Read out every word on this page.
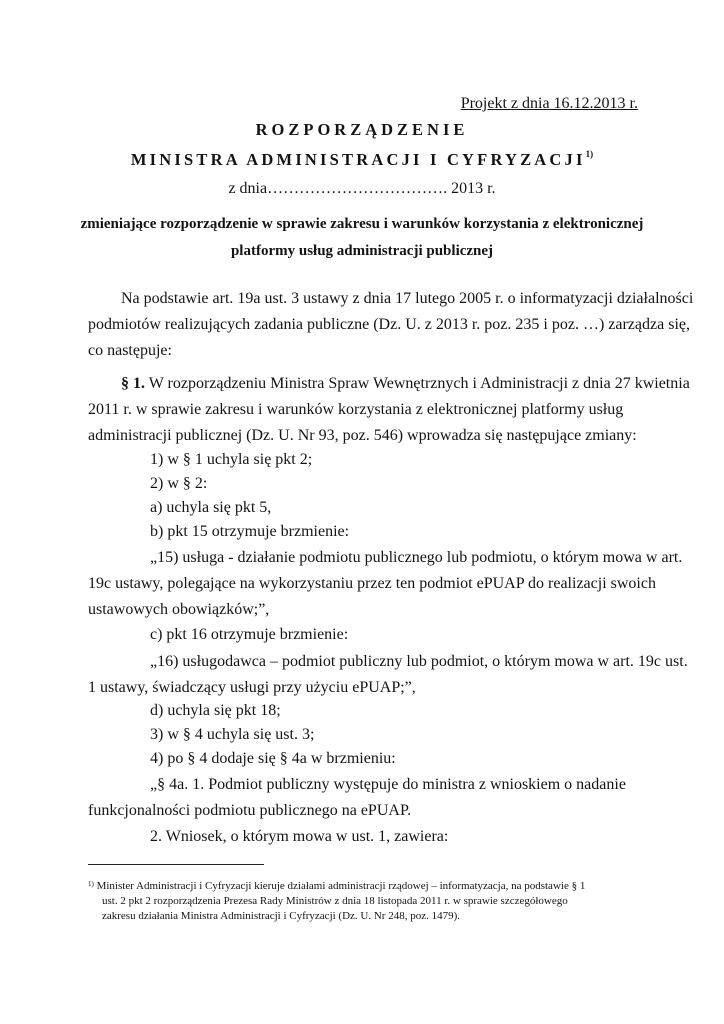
Projekt z dnia 16.12.2013 r.
ROZPORZĄDZENIE
MINISTRA ADMINISTRACJI I CYFRYZACJI$^{1)}$
z dnia……………………………. 2013 r.
zmieniające rozporządzenie w sprawie zakresu i warunków korzystania z elektronicznej
platformy usług administracji publicznej
Na podstawie art. 19a ust. 3 ustawy z dnia 17 lutego 2005 r. o informatyzacji działalności
podmiotów realizujących zadania publiczne (Dz. U. z 2013 r. poz. 235 i poz. …) zarządza się,
co następuje:
§ 1. W rozporządzeniu Ministra Spraw Wewnętrznych i Administracji z dnia 27 kwietnia
2011 r. w sprawie zakresu i warunków korzystania z elektronicznej platformy usług
administracji publicznej (Dz. U. Nr 93, poz. 546) wprowadza się następujące zmiany:
1) w § 1 uchyla się pkt 2;
2) w § 2:
a) uchyla się pkt 5,
b) pkt 15 otrzymuje brzmienie:
„15) usługa - działanie podmiotu publicznego lub podmiotu, o którym mowa w art.
19c ustawy, polegające na wykorzystaniu przez ten podmiot ePUAP do realizacji swoich
ustawowych obowiązków;”,
c) pkt 16 otrzymuje brzmienie:
„16) usługodawca – podmiot publiczny lub podmiot, o którym mowa w art. 19c ust.
1 ustawy, świadczący usługi przy użyciu ePUAP;”,
d) uchyla się pkt 18;
3) w § 4 uchyla się ust. 3;
4) po § 4 dodaje się § 4a w brzmieniu:
„§ 4a. 1. Podmiot publiczny występuje do ministra z wnioskiem o nadanie
funkcjonalności podmiotu publicznego na ePUAP.
2. Wniosek, o którym mowa w ust. 1, zawiera:
$^{1)}$ Minister Administracji i Cyfryzacji kieruje działami administracji rządowej – informatyzacja, na podstawie § 1
ust. 2 pkt 2 rozporządzenia Prezesa Rady Ministrów z dnia 18 listopada 2011 r. w sprawie szczegółowego
zakresu działania Ministra Administracji i Cyfryzacji (Dz. U. Nr 248, poz. 1479).
